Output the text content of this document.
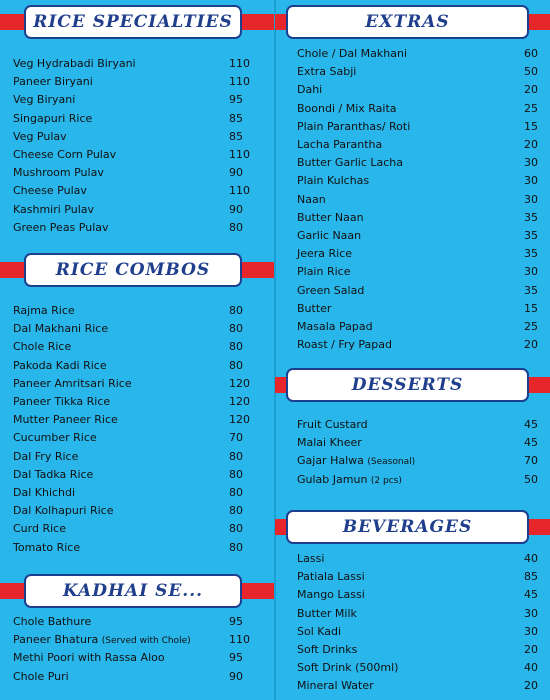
RICE SPECIALTIES
Veg Hydrabadi Biryani	110
Paneer Biryani	110
Veg Biryani	95
Singapuri Rice	85
Veg Pulav	85
Cheese Corn Pulav	110
Mushroom Pulav	90
Cheese Pulav	110
Kashmiri Pulav	90
Green Peas Pulav	80
RICE COMBOS
Rajma Rice	80
Dal Makhani Rice	80
Chole Rice	80
Pakoda Kadi Rice	80
Paneer Amritsari Rice	120
Paneer Tikka Rice	120
Mutter Paneer Rice	120
Cucumber Rice	70
Dal Fry Rice	80
Dal Tadka Rice	80
Dal Khichdi	80
Dal Kolhapuri Rice	80
Curd Rice	80
Tomato Rice	80
KADHAI SE...
Chole Bathure	95
Paneer Bhatura (Served with Chole)	110
Methi Poori with Rassa Aloo	95
Chole Puri	90
EXTRAS
Chole / Dal Makhani	60
Extra Sabji	50
Dahi	20
Boondi / Mix Raita	25
Plain Paranthas/ Roti	15
Lacha Parantha	20
Butter Garlic Lacha	30
Plain Kulchas	30
Naan	30
Butter Naan	35
Garlic Naan	35
Jeera Rice	35
Plain Rice	30
Green Salad	35
Butter	15
Masala Papad	25
Roast / Fry Papad	20
DESSERTS
Fruit Custard	45
Malai Kheer	45
Gajar Halwa (Seasonal)	70
Gulab Jamun (2 pcs)	50
BEVERAGES
Lassi	40
Patiala Lassi	85
Mango Lassi	45
Butter Milk	30
Sol Kadi	30
Soft Drinks	20
Soft Drink (500ml)	40
Mineral Water	20
